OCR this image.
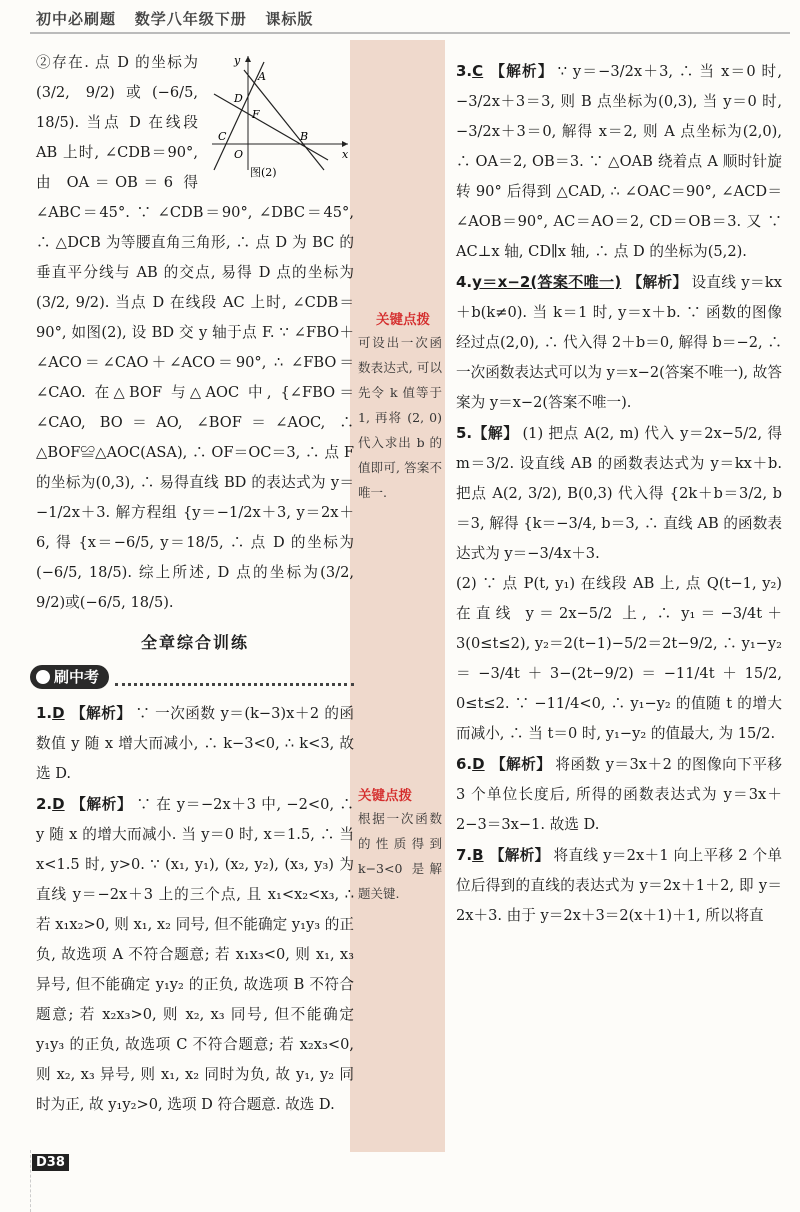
初中必刷题 数学八年级下册 课标版
关键点拨
可设出一次函数表达式, 可以先令 k 值等于 1, 再将 (2, 0) 代入求出 b 的值即可, 答案不唯一.
关键点拨
根据一次函数的性质得到 k−3<0 是解题关键.
y
A
D
F
C
O
B
x
图(2)

②存在. 点 D 的坐标为(3/2, 9/2)或(−6/5, 18/5). 当点 D 在线段 AB 上时, ∠CDB＝90°, 由 OA＝OB＝6 得 ∠ABC＝45°. ∵ ∠CDB＝90°, ∠DBC＝45°, ∴ △DCB 为等腰直角三角形, ∴ 点 D 为 BC 的垂直平分线与 AB 的交点, 易得 D 点的坐标为(3/2, 9/2). 当点 D 在线段 AC 上时, ∠CDB＝90°, 如图(2), 设 BD 交 y 轴于点 F. ∵ ∠FBO＋∠ACO＝∠CAO＋∠ACO＝90°, ∴ ∠FBO＝∠CAO. 在△BOF 与△AOC 中, {∠FBO＝∠CAO, BO＝AO, ∠BOF＝∠AOC, ∴ △BOF≌△AOC(ASA), ∴ OF＝OC＝3, ∴ 点 F 的坐标为(0,3), ∴ 易得直线 BD 的表达式为 y＝−1/2x＋3. 解方程组 {y＝−1/2x＋3, y＝2x＋6, 得 {x＝−6/5, y＝18/5, ∴ 点 D 的坐标为(−6/5, 18/5). 综上所述, D 点的坐标为(3/2, 9/2)或(−6/5, 18/5).

全章综合训练
刷中考

1.D 【解析】 ∵ 一次函数 y＝(k−3)x＋2 的函数值 y 随 x 增大而减小, ∴ k−3<0, ∴ k<3, 故选 D.

2.D 【解析】 ∵ 在 y＝−2x＋3 中, −2<0, ∴ y 随 x 的增大而减小. 当 y＝0 时, x＝1.5, ∴ 当 x<1.5 时, y>0. ∵ (x₁, y₁), (x₂, y₂), (x₃, y₃) 为直线 y＝−2x＋3 上的三个点, 且 x₁<x₂<x₃, ∴ 若 x₁x₂>0, 则 x₁, x₂ 同号, 但不能确定 y₁y₃ 的正负, 故选项 A 不符合题意; 若 x₁x₃<0, 则 x₁, x₃ 异号, 但不能确定 y₁y₂ 的正负, 故选项 B 不符合题意; 若 x₂x₃>0, 则 x₂, x₃ 同号, 但不能确定 y₁y₃ 的正负, 故选项 C 不符合题意; 若 x₂x₃<0, 则 x₂, x₃ 异号, 则 x₁, x₂ 同时为负, 故 y₁, y₂ 同时为正, 故 y₁y₂>0, 选项 D 符合题意. 故选 D.

3.C 【解析】 ∵ y＝−3/2x＋3, ∴ 当 x＝0 时, −3/2x＋3＝3, 则 B 点坐标为(0,3), 当 y＝0 时, −3/2x＋3＝0, 解得 x＝2, 则 A 点坐标为(2,0), ∴ OA＝2, OB＝3. ∵ △OAB 绕着点 A 顺时针旋转 90° 后得到 △CAD, ∴ ∠OAC＝90°, ∠ACD＝∠AOB＝90°, AC＝AO＝2, CD＝OB＝3. 又 ∵ AC⊥x 轴, CD∥x 轴, ∴ 点 D 的坐标为(5,2).

4.y＝x−2(答案不唯一) 【解析】 设直线 y＝kx＋b(k≠0). 当 k＝1 时, y＝x＋b. ∵ 函数的图像经过点(2,0), ∴ 代入得 2＋b＝0, 解得 b＝−2, ∴ 一次函数表达式可以为 y＝x−2(答案不唯一), 故答案为 y＝x−2(答案不唯一).

5.【解】 (1) 把点 A(2, m) 代入 y＝2x−5/2, 得 m＝3/2. 设直线 AB 的函数表达式为 y＝kx＋b. 把点 A(2, 3/2), B(0,3) 代入得 {2k＋b＝3/2, b＝3, 解得 {k＝−3/4, b＝3, ∴ 直线 AB 的函数表达式为 y＝−3/4x＋3.

(2) ∵ 点 P(t, y₁) 在线段 AB 上, 点 Q(t−1, y₂) 在直线 y＝2x−5/2 上, ∴ y₁＝−3/4t＋3(0≤t≤2), y₂＝2(t−1)−5/2＝2t−9/2, ∴ y₁−y₂＝−3/4t＋3−(2t−9/2)＝−11/4t＋15/2, 0≤t≤2. ∵ −11/4<0, ∴ y₁−y₂ 的值随 t 的增大而减小, ∴ 当 t＝0 时, y₁−y₂ 的值最大, 为 15/2.

6.D 【解析】 将函数 y＝3x＋2 的图像向下平移 3 个单位长度后, 所得的函数表达式为 y＝3x＋2−3＝3x−1. 故选 D.

7.B 【解析】 将直线 y＝2x＋1 向上平移 2 个单位后得到的直线的表达式为 y＝2x＋1＋2, 即 y＝2x＋3. 由于 y＝2x＋3＝2(x＋1)＋1, 所以将直

D38
